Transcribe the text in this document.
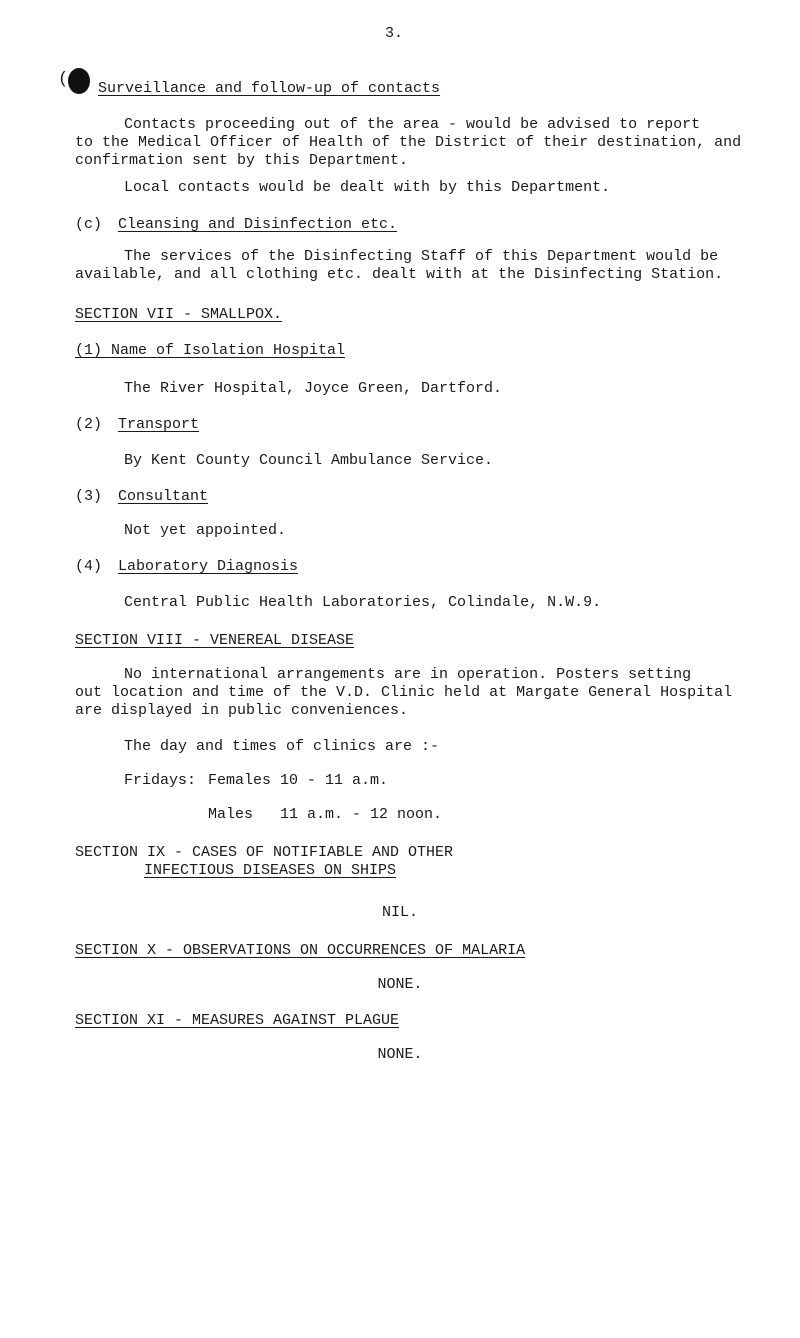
3.
( Surveillance and follow-up of contacts
Contacts proceeding out of the area - would be advised to report
to the Medical Officer of Health of the District of their destination, and
confirmation sent by this Department.
Local contacts would be dealt with by this Department.
(c) Cleansing and Disinfection etc.
The services of the Disinfecting Staff of this Department would be
available, and all clothing etc. dealt with at the Disinfecting Station.
SECTION VII - SMALLPOX.
(1) Name of Isolation Hospital
The River Hospital, Joyce Green, Dartford.
(2) Transport
By Kent County Council Ambulance Service.
(3) Consultant
Not yet appointed.
(4) Laboratory Diagnosis
Central Public Health Laboratories, Colindale, N.W.9.
SECTION VIII - VENEREAL DISEASE
No international arrangements are in operation. Posters setting
out location and time of the V.D. Clinic held at Margate General Hospital
are displayed in public conveniences.
The day and times of clinics are :-
Fridays: Females 10 - 11 a.m.
Males   11 a.m. - 12 noon.
SECTION IX - CASES OF NOTIFIABLE AND OTHER
INFECTIOUS DISEASES ON SHIPS
NIL.
SECTION X - OBSERVATIONS ON OCCURRENCES OF MALARIA
NONE.
SECTION XI - MEASURES AGAINST PLAGUE
NONE.
